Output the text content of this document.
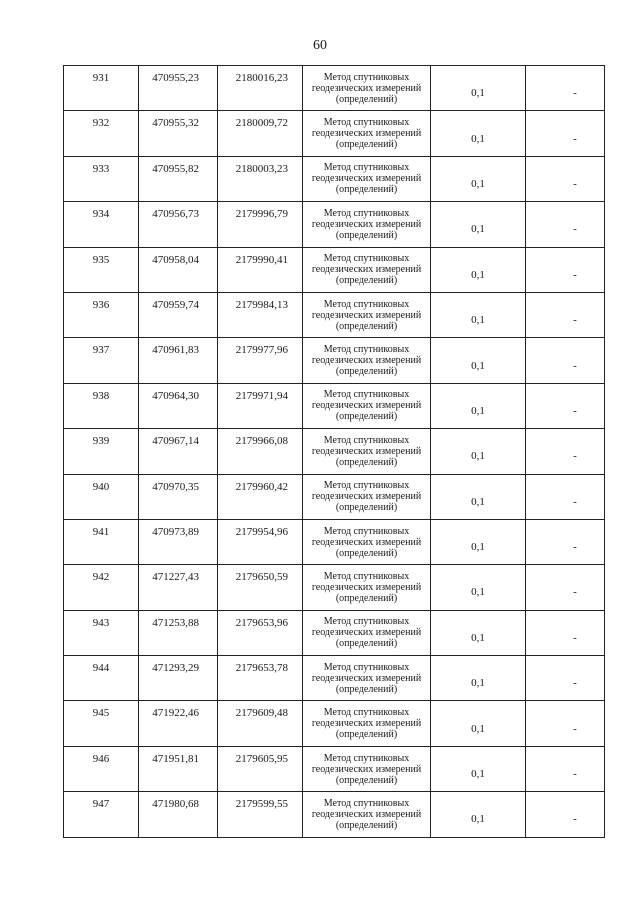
60
931	470955,23	2180016,23	Метод спутниковых геодезических измерений (определений)	0,1	-
932	470955,32	2180009,72	Метод спутниковых геодезических измерений (определений)	0,1	-
933	470955,82	2180003,23	Метод спутниковых геодезических измерений (определений)	0,1	-
934	470956,73	2179996,79	Метод спутниковых геодезических измерений (определений)	0,1	-
935	470958,04	2179990,41	Метод спутниковых геодезических измерений (определений)	0,1	-
936	470959,74	2179984,13	Метод спутниковых геодезических измерений (определений)	0,1	-
937	470961,83	2179977,96	Метод спутниковых геодезических измерений (определений)	0,1	-
938	470964,30	2179971,94	Метод спутниковых геодезических измерений (определений)	0,1	-
939	470967,14	2179966,08	Метод спутниковых геодезических измерений (определений)	0,1	-
940	470970,35	2179960,42	Метод спутниковых геодезических измерений (определений)	0,1	-
941	470973,89	2179954,96	Метод спутниковых геодезических измерений (определений)	0,1	-
942	471227,43	2179650,59	Метод спутниковых геодезических измерений (определений)	0,1	-
943	471253,88	2179653,96	Метод спутниковых геодезических измерений (определений)	0,1	-
944	471293,29	2179653,78	Метод спутниковых геодезических измерений (определений)	0,1	-
945	471922,46	2179609,48	Метод спутниковых геодезических измерений (определений)	0,1	-
946	471951,81	2179605,95	Метод спутниковых геодезических измерений (определений)	0,1	-
947	471980,68	2179599,55	Метод спутниковых геодезических измерений (определений)	0,1	-
